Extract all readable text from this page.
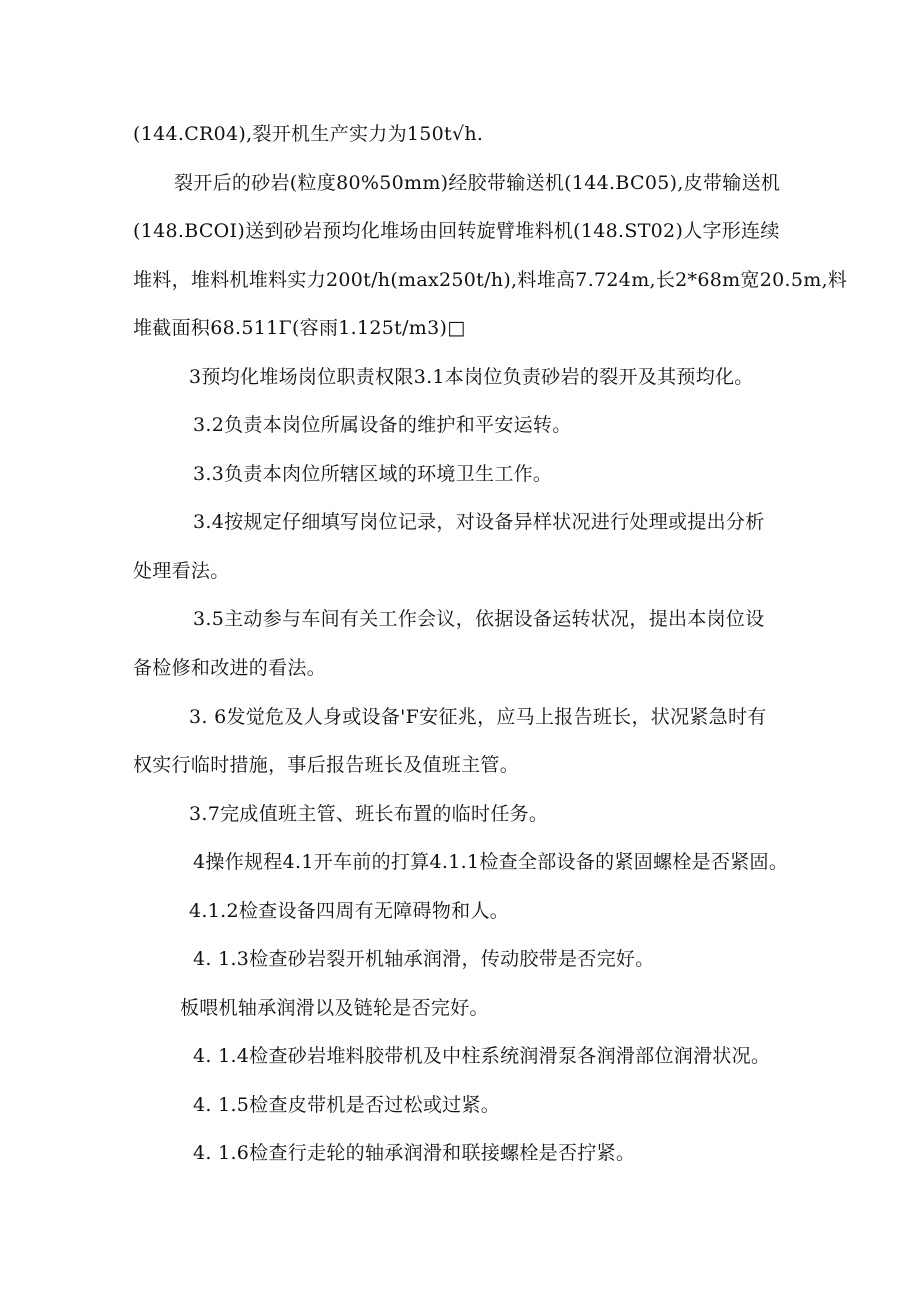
(144.CR04),裂开机生产实力为150t√h.
裂开后的砂岩(粒度80%50mm)经胶带输送机(144.BC05),皮带输送机
(148.BCOI)送到砂岩预均化堆场由回转旋臂堆料机(148.ST02)人字形连续
堆料，堆料机堆料实力200t∕h(max250t∕h),料堆高7.724m,长2*68m宽20.5m,料
堆截面积68.511Γ(容雨1.125t∕m3)□
3预均化堆场岗位职责权限3.1本岗位负责砂岩的裂开及其预均化。
3.2负责本岗位所属设备的维护和平安运转。
3.3负责本肉位所辖区域的环境卫生工作。
3.4按规定仔细填写岗位记录，对设备异样状况进行处理或提出分析
处理看法。
3.5主动参与车间有关工作会议，依据设备运转状况，提出本岗位设
备检修和改进的看法。
3. 6发觉危及人身或设备'F安征兆，应马上报告班长，状况紧急时有
权实行临时措施，事后报告班长及值班主管。
3.7完成值班主管、班长布置的临时任务。
4操作规程4.1开车前的打算4.1.1检查全部设备的紧固螺栓是否紧固。
4.1.2检查设备四周有无障碍物和人。
4. 1.3检查砂岩裂开机轴承润滑，传动胶带是否完好。
板喂机轴承润滑以及链轮是否完好。
4. 1.4检查砂岩堆料胶带机及中柱系统润滑泵各润滑部位润滑状况。
4. 1.5检查皮带机是否过松或过紧。
4. 1.6检查行走轮的轴承润滑和联接螺栓是否拧紧。
